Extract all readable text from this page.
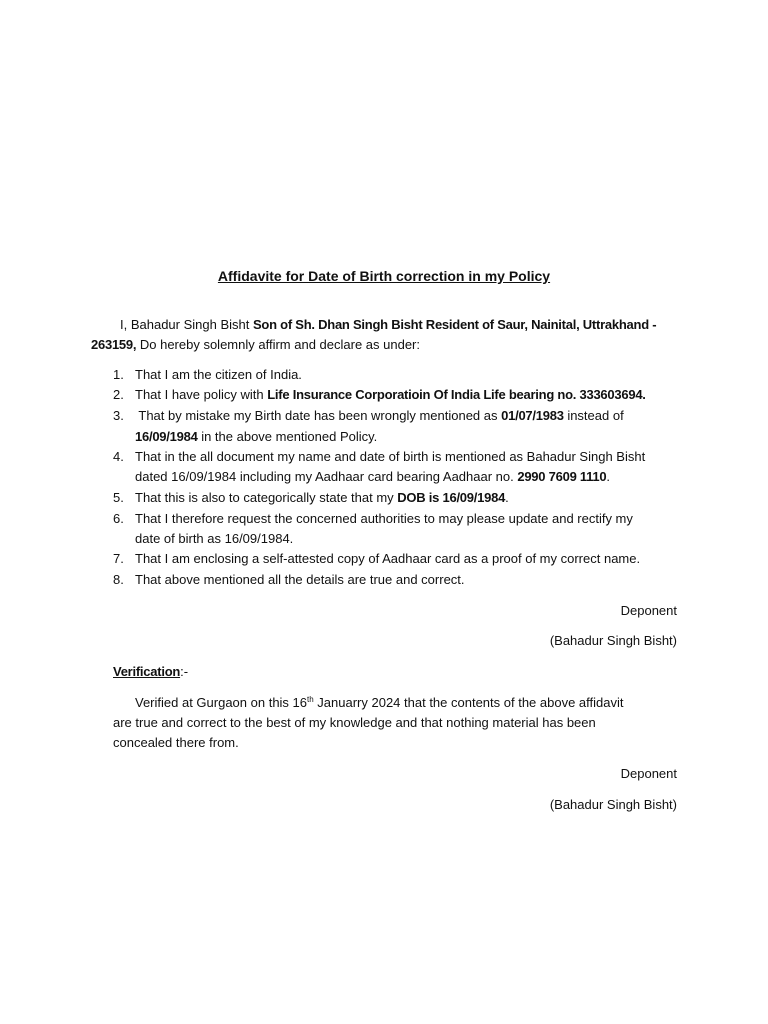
Affidavite for Date of Birth correction in my Policy
I, Bahadur Singh Bisht Son of Sh. Dhan Singh Bisht Resident of Saur, Nainital, Uttrakhand -
263159, Do hereby solemnly affirm and declare as under:
1. That I am the citizen of India.
2. That I have policy with Life Insurance Corporatioin Of India Life bearing no. 333603694.
3. That by mistake my Birth date has been wrongly mentioned as 01/07/1983 instead of
16/09/1984 in the above mentioned Policy.
4. That in the all document my name and date of birth is mentioned as Bahadur Singh Bisht
dated 16/09/1984 including my Aadhaar card bearing Aadhaar no. 2990 7609 1110.
5. That this is also to categorically state that my DOB is 16/09/1984.
6. That I therefore request the concerned authorities to may please update and rectify my
date of birth as 16/09/1984.
7. That I am enclosing a self-attested copy of Aadhaar card as a proof of my correct name.
8. That above mentioned all the details are true and correct.
Deponent
(Bahadur Singh Bisht)
Verification:-
Verified at Gurgaon on this 16th Januarry 2024 that the contents of the above affidavit
are true and correct to the best of my knowledge and that nothing material has been
concealed there from.
Deponent
(Bahadur Singh Bisht)
